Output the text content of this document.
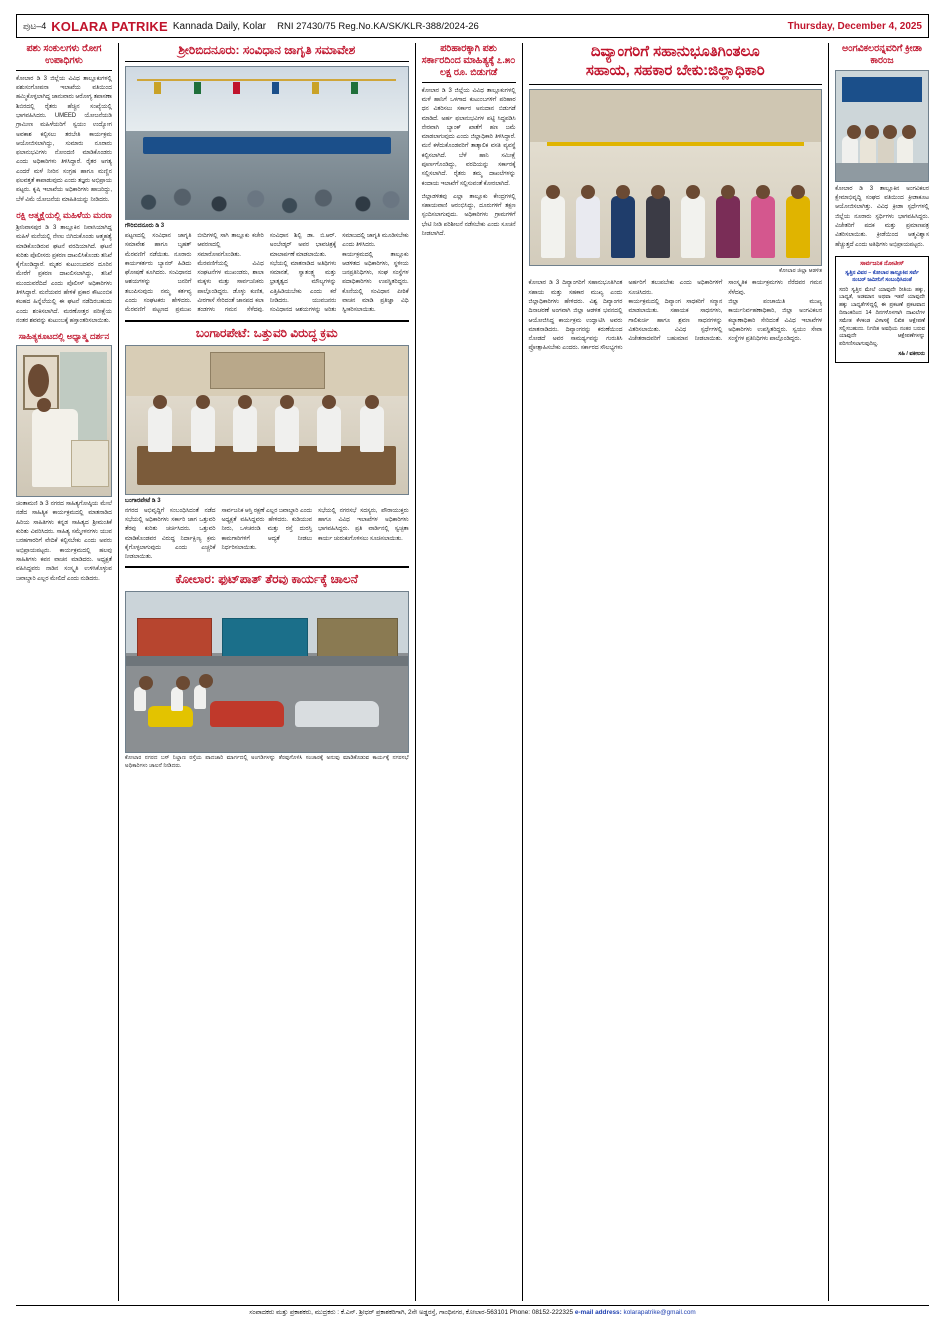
ಪುಟ–4 KOLARA PATRIKE Kannada Daily, Kolar RNI 27430/75 Reg.No.KA/SK/KLR-388/2024-26	Thursday, December 4, 2025
ಪಶು ಸಂಕುಲಗಳು ರೋಗ ಉಪಾಧಿಗಳು
ಕೋಲಾರ ಡಿ 3 ಜಿಲ್ಲೆಯ ವಿವಿಧ ತಾಲ್ಲೂಕುಗಳಲ್ಲಿ ಪಶುಸಂಗೋಪನಾ ಇಲಾಖೆಯ ವತಿಯಿಂದ ಹಮ್ಮಿಕೊಳ್ಳಲಾಗಿದ್ದ ಜಾನುವಾರು ಆರೋಗ್ಯ ತಪಾಸಣಾ ಶಿಬಿರದಲ್ಲಿ ರೈತರು ಹೆಚ್ಚಿನ ಸಂಖ್ಯೆಯಲ್ಲಿ ಭಾಗವಹಿಸಿದರು. UMEED ಯೋಜನೆಯಡಿ ಗ್ರಾಮೀಣ ಮಹಿಳೆಯರಿಗೆ ಸ್ವಯಂ ಉದ್ಯೋಗ ಅವಕಾಶ ಕಲ್ಪಿಸಲು ತರಬೇತಿ ಕಾರ್ಯಕ್ರಮ ಆಯೋಜಿಸಲಾಗಿದ್ದು, ಸುಮಾರು ನೂರಾರು ಫಲಾನುಭವಿಗಳು ನೋಂದಣಿ ಮಾಡಿಕೊಂಡರು ಎಂದು ಅಧಿಕಾರಿಗಳು ತಿಳಿಸಿದ್ದಾರೆ. ರೈತರ ಅಗತ್ಯ ಎಂದರೆ ಮಳೆ ನೀರಿನ ಸಂಗ್ರಹ ಹಾಗೂ ಮಣ್ಣಿನ ಫಲವತ್ತತೆ ಕಾಪಾಡುವುದು ಎಂದು ತಜ್ಞರು ಅಭಿಪ್ರಾಯ ಪಟ್ಟರು. ಕೃಷಿ ಇಲಾಖೆಯ ಅಧಿಕಾರಿಗಳು ಹಾಜರಿದ್ದು, ಬೆಳೆ ವಿಮೆ ಯೋಜನೆಯ ಮಾಹಿತಿಯನ್ನು ನೀಡಿದರು.
ರಕ್ಷಿ ಆತ್ಮಕ್ಷೆಯಲ್ಲಿ ಮಹಿಳೆಯ ಮರಣ
ಶ್ರೀನಿವಾಸಪುರ ಡಿ 3 ತಾಲ್ಲೂಕಿನ ನಿವಾಸಿಯಾಗಿದ್ದ ಮಹಿಳೆ ಮನೆಯಲ್ಲಿ ನೇಣು ಬಿಗಿದುಕೊಂಡು ಆತ್ಮಹತ್ಯೆ ಮಾಡಿಕೊಂಡಿರುವ ಘಟನೆ ವರದಿಯಾಗಿದೆ. ಘಟನೆ ಕುರಿತು ಪೊಲೀಸರು ಪ್ರಕರಣ ದಾಖಲಿಸಿಕೊಂಡು ತನಿಖೆ ಕೈಗೊಂಡಿದ್ದಾರೆ. ಮೃತರ ಕುಟುಂಬದವರ ದೂರಿನ ಮೇರೆಗೆ ಪ್ರಕರಣ ದಾಖಲಿಸಲಾಗಿದ್ದು, ತನಿಖೆ ಮುಂದುವರೆದಿದೆ ಎಂದು ಪೊಲೀಸ್ ಅಧಿಕಾರಿಗಳು ತಿಳಿಸಿದ್ದಾರೆ. ಮನೆಯವರ ಹೇಳಿಕೆ ಪ್ರಕಾರ ಕೌಟುಂಬಿಕ ಕಲಹದ ಹಿನ್ನೆಲೆಯಲ್ಲಿ ಈ ಘಟನೆ ನಡೆದಿರಬಹುದು ಎಂದು ಶಂಕಿಸಲಾಗಿದೆ. ಮರಣೋತ್ತರ ಪರೀಕ್ಷೆಯ ನಂತರ ಶವವನ್ನು ಕುಟುಂಬಕ್ಕೆ ಹಸ್ತಾಂತರಿಸಲಾಯಿತು.
ಸಾಹಿತ್ಯಕೂಟದಲ್ಲಿ ಅಧ್ಯಾತ್ಮ ದರ್ಶನ
ಚಿಂತಾಮಣಿ ಡಿ 3 ನಗರದ ಸಾಹಿತ್ಯಗೋಷ್ಠಿಯ ಮೇಲೆ ನಡೆದ ಸಾಹಿತ್ಯಿಕ ಕಾರ್ಯಕ್ರಮದಲ್ಲಿ ಮಾತನಾಡಿದ ಹಿರಿಯ ಸಾಹಿತಿಗಳು ಕನ್ನಡ ಸಾಹಿತ್ಯದ ಶ್ರೀಮಂತಿಕೆ ಕುರಿತು ವಿವರಿಸಿದರು. ಸಾಹಿತ್ಯ ಸಮ್ಮೇಳನಗಳು ಯುವ ಬರಹಗಾರರಿಗೆ ವೇದಿಕೆ ಕಲ್ಪಿಸಬೇಕು ಎಂದು ಅವರು ಅಭಿಪ್ರಾಯಪಟ್ಟರು. ಕಾರ್ಯಕ್ರಮದಲ್ಲಿ ಹಲವು ಸಾಹಿತಿಗಳು ಕವನ ವಾಚನ ಮಾಡಿದರು. ಅಧ್ಯಕ್ಷತೆ ವಹಿಸಿದ್ದವರು ನಾಡಿನ ಸಂಸ್ಕೃತಿ ಉಳಿಸಿಕೊಳ್ಳುವ ಜವಾಬ್ದಾರಿ ಎಲ್ಲರ ಮೇಲಿದೆ ಎಂದು ನುಡಿದರು.
ಶ್ರೀರಿಬಿದನೂರು: ಸಂವಿಧಾನ ಜಾಗೃತಿ ಸಮಾವೇಶ
ಗೌರಿಬಿದನೂರು ಡಿ 3
ಪಟ್ಟಣದಲ್ಲಿ ಸಂವಿಧಾನ ಜಾಗೃತಿ ಸಮಾವೇಶ ಹಾಗೂ ಬೃಹತ್ ಮೆರವಣಿಗೆ ನಡೆಯಿತು. ನೂರಾರು ಕಾರ್ಯಕರ್ತರು ಬ್ಯಾನರ್ ಹಿಡಿದು ಘೋಷಣೆ ಕೂಗಿದರು. ಸಂವಿಧಾನದ ಆಶಯಗಳನ್ನು ಜನರಿಗೆ ತಲುಪಿಸುವುದು ನಮ್ಮ ಕರ್ತವ್ಯ ಎಂದು ಸಂಘಟಕರು ಹೇಳಿದರು. ಮೆರವಣಿಗೆ ಪಟ್ಟಣದ ಪ್ರಮುಖ ಬೀದಿಗಳಲ್ಲಿ ಸಾಗಿ ತಾಲ್ಲೂಕು ಕಚೇರಿ ಆವರಣದಲ್ಲಿ ಸಮಾರೋಪಗೊಂಡಿತು.
ಮೆರವಣಿಗೆಯಲ್ಲಿ ವಿವಿಧ ಸಂಘಟನೆಗಳ ಮುಖಂಡರು, ಶಾಲಾ ಮಕ್ಕಳು ಮತ್ತು ಸಾರ್ವಜನಿಕರು ಪಾಲ್ಗೊಂಡಿದ್ದರು. ಡೊಳ್ಳು ಕುಣಿತ, ವೀರಗಾಸೆ ಸೇರಿದಂತೆ ಜಾನಪದ ಕಲಾ ತಂಡಗಳು ಗಮನ ಸೆಳೆದವು. ಸಂವಿಧಾನ ಶಿಲ್ಪಿ ಡಾ. ಬಿ.ಆರ್. ಅಂಬೇಡ್ಕರ್ ಅವರ ಭಾವಚಿತ್ರಕ್ಕೆ ಮಾಲಾರ್ಪಣೆ ಮಾಡಲಾಯಿತು.
ಸಭೆಯಲ್ಲಿ ಮಾತನಾಡಿದ ಅತಿಥಿಗಳು ಸಮಾನತೆ, ಸ್ವಾತಂತ್ರ್ಯ ಮತ್ತು ಭ್ರಾತೃತ್ವದ ಮೌಲ್ಯಗಳನ್ನು ಎತ್ತಿಹಿಡಿಯಬೇಕು ಎಂದು ಕರೆ ನೀಡಿದರು. ಯುವಜನರು ಸಂವಿಧಾನದ ಆಶಯಗಳನ್ನು ಅರಿತು ಸಮಾಜದಲ್ಲಿ ಜಾಗೃತಿ ಮೂಡಿಸಬೇಕು ಎಂದು ತಿಳಿಸಿದರು.
ಕಾರ್ಯಕ್ರಮದಲ್ಲಿ ತಾಲ್ಲೂಕು ಆಡಳಿತದ ಅಧಿಕಾರಿಗಳು, ಸ್ಥಳೀಯ ಜನಪ್ರತಿನಿಧಿಗಳು, ಸಂಘ ಸಂಸ್ಥೆಗಳ ಪದಾಧಿಕಾರಿಗಳು ಉಪಸ್ಥಿತರಿದ್ದರು. ಕೊನೆಯಲ್ಲಿ ಸಂವಿಧಾನ ಪೀಠಿಕೆ ವಾಚನ ಮಾಡಿ ಪ್ರತಿಜ್ಞಾ ವಿಧಿ ಸ್ವೀಕರಿಸಲಾಯಿತು.
ಬಂಗಾರಪೇಟೆ: ಒತ್ತುವರಿ ವಿರುದ್ಧ ಕ್ರಮ
ಬಂಗಾರಪೇಟೆ ಡಿ 3
ನಗರದ ಅಭಿವೃದ್ಧಿಗೆ ಸಂಬಂಧಿಸಿದಂತೆ ನಡೆದ ಸಭೆಯಲ್ಲಿ ಅಧಿಕಾರಿಗಳು ಸರ್ಕಾರಿ ಜಾಗ ಒತ್ತುವರಿ ತೆರವು ಕುರಿತು ಚರ್ಚಿಸಿದರು. ಒತ್ತುವರಿ ಮಾಡಿಕೊಂಡವರ ವಿರುದ್ಧ ನಿರ್ದಾಕ್ಷಿಣ್ಯ ಕ್ರಮ ಕೈಗೊಳ್ಳಲಾಗುವುದು ಎಂದು ಎಚ್ಚರಿಕೆ ನೀಡಲಾಯಿತು.
ಸಾರ್ವಜನಿಕ ಆಸ್ತಿ ರಕ್ಷಣೆ ಎಲ್ಲರ ಜವಾಬ್ದಾರಿ ಎಂದು ಅಧ್ಯಕ್ಷತೆ ವಹಿಸಿದ್ದವರು ಹೇಳಿದರು. ಕುಡಿಯುವ ನೀರು, ಒಳಚರಂಡಿ ಮತ್ತು ರಸ್ತೆ ದುರಸ್ತಿ ಕಾಮಗಾರಿಗಳಿಗೆ ಆದ್ಯತೆ ನೀಡಲು ನಿರ್ಧರಿಸಲಾಯಿತು.
ಸಭೆಯಲ್ಲಿ ನಗರಸಭೆ ಸದಸ್ಯರು, ಪೌರಾಯುಕ್ತರು ಹಾಗೂ ವಿವಿಧ ಇಲಾಖೆಗಳ ಅಧಿಕಾರಿಗಳು ಭಾಗವಹಿಸಿದ್ದರು. ಪ್ರತಿ ವಾರ್ಡಿನಲ್ಲಿ ಸ್ವಚ್ಛತಾ ಕಾರ್ಯ ಚುರುಕುಗೊಳಿಸಲು ಸೂಚಿಸಲಾಯಿತು.
ಕೋಲಾರ: ಫುಟ್‌ಪಾತ್ ತೆರವು ಕಾರ್ಯಕ್ಕೆ ಚಾಲನೆ
ಕೋಲಾರ ನಗರದ ಬಸ್ ನಿಲ್ದಾಣ ರಸ್ತೆಯ ಪಾದಚಾರಿ ಮಾರ್ಗದಲ್ಲಿ ಅಂಗಡಿಗಳನ್ನು ತೆರವುಗೊಳಿಸಿ ಸಂಚಾರಕ್ಕೆ ಅನುವು ಮಾಡಿಕೊಡುವ ಕಾರ್ಯಕ್ಕೆ ನಗರಸಭೆ ಅಧಿಕಾರಿಗಳು ಚಾಲನೆ ನೀಡಿದರು.
ಪರಿಹಾರಕ್ಕಾಗಿ ಪಶು ಸರ್ಕಾರದಿಂದ ಮಾಹಿತ್ಯಕ್ಕೆ ೭.೫೦ ಲಕ್ಷ ರೂ. ಬಿಡುಗಡೆ
ಕೋಲಾರ ಡಿ 3 ಜಿಲ್ಲೆಯ ವಿವಿಧ ತಾಲ್ಲೂಕುಗಳಲ್ಲಿ ಮಳೆ ಹಾನಿಗೆ ಒಳಗಾದ ಕುಟುಂಬಗಳಿಗೆ ಪರಿಹಾರ ಧನ ವಿತರಿಸಲು ಸರ್ಕಾರ ಅನುದಾನ ಬಿಡುಗಡೆ ಮಾಡಿದೆ. ಅರ್ಹ ಫಲಾನುಭವಿಗಳ ಪಟ್ಟಿ ಸಿದ್ಧಪಡಿಸಿ ನೇರವಾಗಿ ಬ್ಯಾಂಕ್ ಖಾತೆಗೆ ಹಣ ಜಮೆ ಮಾಡಲಾಗುವುದು ಎಂದು ಜಿಲ್ಲಾಧಿಕಾರಿ ತಿಳಿಸಿದ್ದಾರೆ. ಮನೆ ಕಳೆದುಕೊಂಡವರಿಗೆ ತಾತ್ಕಾಲಿಕ ವಸತಿ ವ್ಯವಸ್ಥೆ ಕಲ್ಪಿಸಲಾಗಿದೆ. ಬೆಳೆ ಹಾನಿ ಸಮೀಕ್ಷೆ ಪೂರ್ಣಗೊಂಡಿದ್ದು, ವರದಿಯನ್ನು ಸರ್ಕಾರಕ್ಕೆ ಸಲ್ಲಿಸಲಾಗಿದೆ. ರೈತರು ತಮ್ಮ ದಾಖಲೆಗಳನ್ನು ಕಂದಾಯ ಇಲಾಖೆಗೆ ಸಲ್ಲಿಸುವಂತೆ ಕೋರಲಾಗಿದೆ.
ಜಿಲ್ಲಾಡಳಿತವು ಎಲ್ಲಾ ತಾಲ್ಲೂಕು ಕೇಂದ್ರಗಳಲ್ಲಿ ಸಹಾಯವಾಣಿ ಆರಂಭಿಸಿದ್ದು, ದೂರುಗಳಿಗೆ ತಕ್ಷಣ ಸ್ಪಂದಿಸಲಾಗುವುದು. ಅಧಿಕಾರಿಗಳು ಗ್ರಾಮಗಳಿಗೆ ಭೇಟಿ ನೀಡಿ ಪರಿಶೀಲನೆ ನಡೆಸಬೇಕು ಎಂದು ಸೂಚನೆ ನೀಡಲಾಗಿದೆ.
ದಿವ್ಯಾಂಗರಿಗೆ ಸಹಾನುಭೂತಿಗಿಂತಲೂ
ಸಹಾಯ, ಸಹಕಾರ ಬೇಕು:ಜಿಲ್ಲಾಧಿಕಾರಿ
ಕೋಲಾರ ಜಿಲ್ಲಾ ಆಡಳಿತ
ಕೋಲಾರ ಡಿ 3 ದಿವ್ಯಾಂಗರಿಗೆ ಸಹಾನುಭೂತಿಗಿಂತ ಸಹಾಯ ಮತ್ತು ಸಹಕಾರ ಮುಖ್ಯ ಎಂದು ಜಿಲ್ಲಾಧಿಕಾರಿಗಳು ಹೇಳಿದರು. ವಿಶ್ವ ದಿವ್ಯಾಂಗರ ದಿನಾಚರಣೆ ಅಂಗವಾಗಿ ಜಿಲ್ಲಾ ಆಡಳಿತ ಭವನದಲ್ಲಿ ಆಯೋಜಿಸಿದ್ದ ಕಾರ್ಯಕ್ರಮ ಉದ್ಘಾಟಿಸಿ ಅವರು ಮಾತನಾಡಿದರು. ದಿವ್ಯಾಂಗರನ್ನು ಕರುಣೆಯಿಂದ ನೋಡದೆ ಅವರ ಸಾಮರ್ಥ್ಯವನ್ನು ಗುರುತಿಸಿ ಪ್ರೋತ್ಸಾಹಿಸಬೇಕು ಎಂದರು. ಸರ್ಕಾರದ ಸೌಲಭ್ಯಗಳು ಅರ್ಹರಿಗೆ ತಲುಪಬೇಕು ಎಂದು ಅಧಿಕಾರಿಗಳಿಗೆ ಸೂಚಿಸಿದರು.
ಕಾರ್ಯಕ್ರಮದಲ್ಲಿ ದಿವ್ಯಾಂಗ ಸಾಧಕರಿಗೆ ಸನ್ಮಾನ ಮಾಡಲಾಯಿತು. ಸಹಾಯಕ ಸಾಧನಗಳು, ಗಾಲಿಕುರ್ಚಿ ಹಾಗೂ ಶ್ರವಣ ಸಾಧನಗಳನ್ನು ವಿತರಿಸಲಾಯಿತು. ವಿವಿಧ ಸ್ಪರ್ಧೆಗಳಲ್ಲಿ ವಿಜೇತರಾದವರಿಗೆ ಬಹುಮಾನ ನೀಡಲಾಯಿತು. ಸಾಂಸ್ಕೃತಿಕ ಕಾರ್ಯಕ್ರಮಗಳು ನೆರೆದವರ ಗಮನ ಸೆಳೆದವು.
ಜಿಲ್ಲಾ ಪಂಚಾಯಿತಿ ಮುಖ್ಯ ಕಾರ್ಯನಿರ್ವಹಣಾಧಿಕಾರಿ, ಜಿಲ್ಲಾ ಅಂಗವಿಕಲರ ಕಲ್ಯಾಣಾಧಿಕಾರಿ ಸೇರಿದಂತೆ ವಿವಿಧ ಇಲಾಖೆಗಳ ಅಧಿಕಾರಿಗಳು ಉಪಸ್ಥಿತರಿದ್ದರು. ಸ್ವಯಂ ಸೇವಾ ಸಂಸ್ಥೆಗಳ ಪ್ರತಿನಿಧಿಗಳು ಪಾಲ್ಗೊಂಡಿದ್ದರು.
ಅಂಗವಿಕಲರನ್ನವರಿಗೆ ಕ್ರೀಡಾ ಕಾರಂಜ
ಕೋಲಾರ ಡಿ 3 ತಾಲ್ಲೂಕಿನ ಅಂಗವಿಕಲರ ಕ್ಷೇಮಾಭಿವೃದ್ಧಿ ಸಂಘದ ವತಿಯಿಂದ ಕ್ರೀಡಾಕೂಟ ಆಯೋಜಿಸಲಾಗಿತ್ತು. ವಿವಿಧ ಕ್ರೀಡಾ ಸ್ಪರ್ಧೆಗಳಲ್ಲಿ ಜಿಲ್ಲೆಯ ನೂರಾರು ಸ್ಪರ್ಧಿಗಳು ಭಾಗವಹಿಸಿದ್ದರು. ವಿಜೇತರಿಗೆ ಪದಕ ಮತ್ತು ಪ್ರಮಾಣಪತ್ರ ವಿತರಿಸಲಾಯಿತು. ಕ್ರೀಡೆಯಿಂದ ಆತ್ಮವಿಶ್ವಾಸ ಹೆಚ್ಚುತ್ತದೆ ಎಂದು ಅತಿಥಿಗಳು ಅಭಿಪ್ರಾಯಪಟ್ಟರು.
ಸಾರ್ವಜನಿಕ ನೋಟೀಸ್
ಸ್ವತ್ತಿನ ವಿವರ – ಕೋಲಾರ ತಾಲ್ಲೂಕಿನ ಸರ್ವೆ ನಂಬರ್ ಜಮೀನಿಗೆ ಸಂಬಂಧಿಸಿದಂತೆ
ಸದರಿ ಸ್ವತ್ತಿನ ಮೇಲೆ ಯಾವುದೇ ರೀತಿಯ ಹಕ್ಕು, ಬಾಧ್ಯತೆ, ಅಡಮಾನ ಅಥವಾ ಇತರೆ ಯಾವುದೇ ಹಕ್ಕು ಬಾಧ್ಯತೆಗಳಿದ್ದಲ್ಲಿ ಈ ಪ್ರಕಟಣೆ ಪ್ರಕಟವಾದ ದಿನಾಂಕದಿಂದ 14 ದಿನಗಳೊಳಗಾಗಿ ದಾಖಲೆಗಳ ಸಮೇತ ಕೆಳಕಂಡ ವಿಳಾಸಕ್ಕೆ ಲಿಖಿತ ಆಕ್ಷೇಪಣೆ ಸಲ್ಲಿಸಬಹುದು. ನಿಗದಿತ ಅವಧಿಯ ನಂತರ ಬರುವ ಯಾವುದೇ ಆಕ್ಷೇಪಣೆಗಳನ್ನು ಪರಿಗಣಿಸಲಾಗುವುದಿಲ್ಲ.
ಸಹಿ / ವಕೀಲರು
ಸಂಪಾದಕರು ಮತ್ತು ಪ್ರಕಾಶಕರು, ಮುದ್ರಕರು : ಕೆ.ಎನ್. ಶ್ರೀಧರ್ ಪ್ರಕಾಶಕರಿಗಾಗಿ, 2ನೇ ಅಡ್ಡರಸ್ತೆ, ಗಾಂಧಿನಗರ, ಕೋಲಾರ-563101 Phone: 08152-222325 e-mail address: kolarapatrike@gmail.com
